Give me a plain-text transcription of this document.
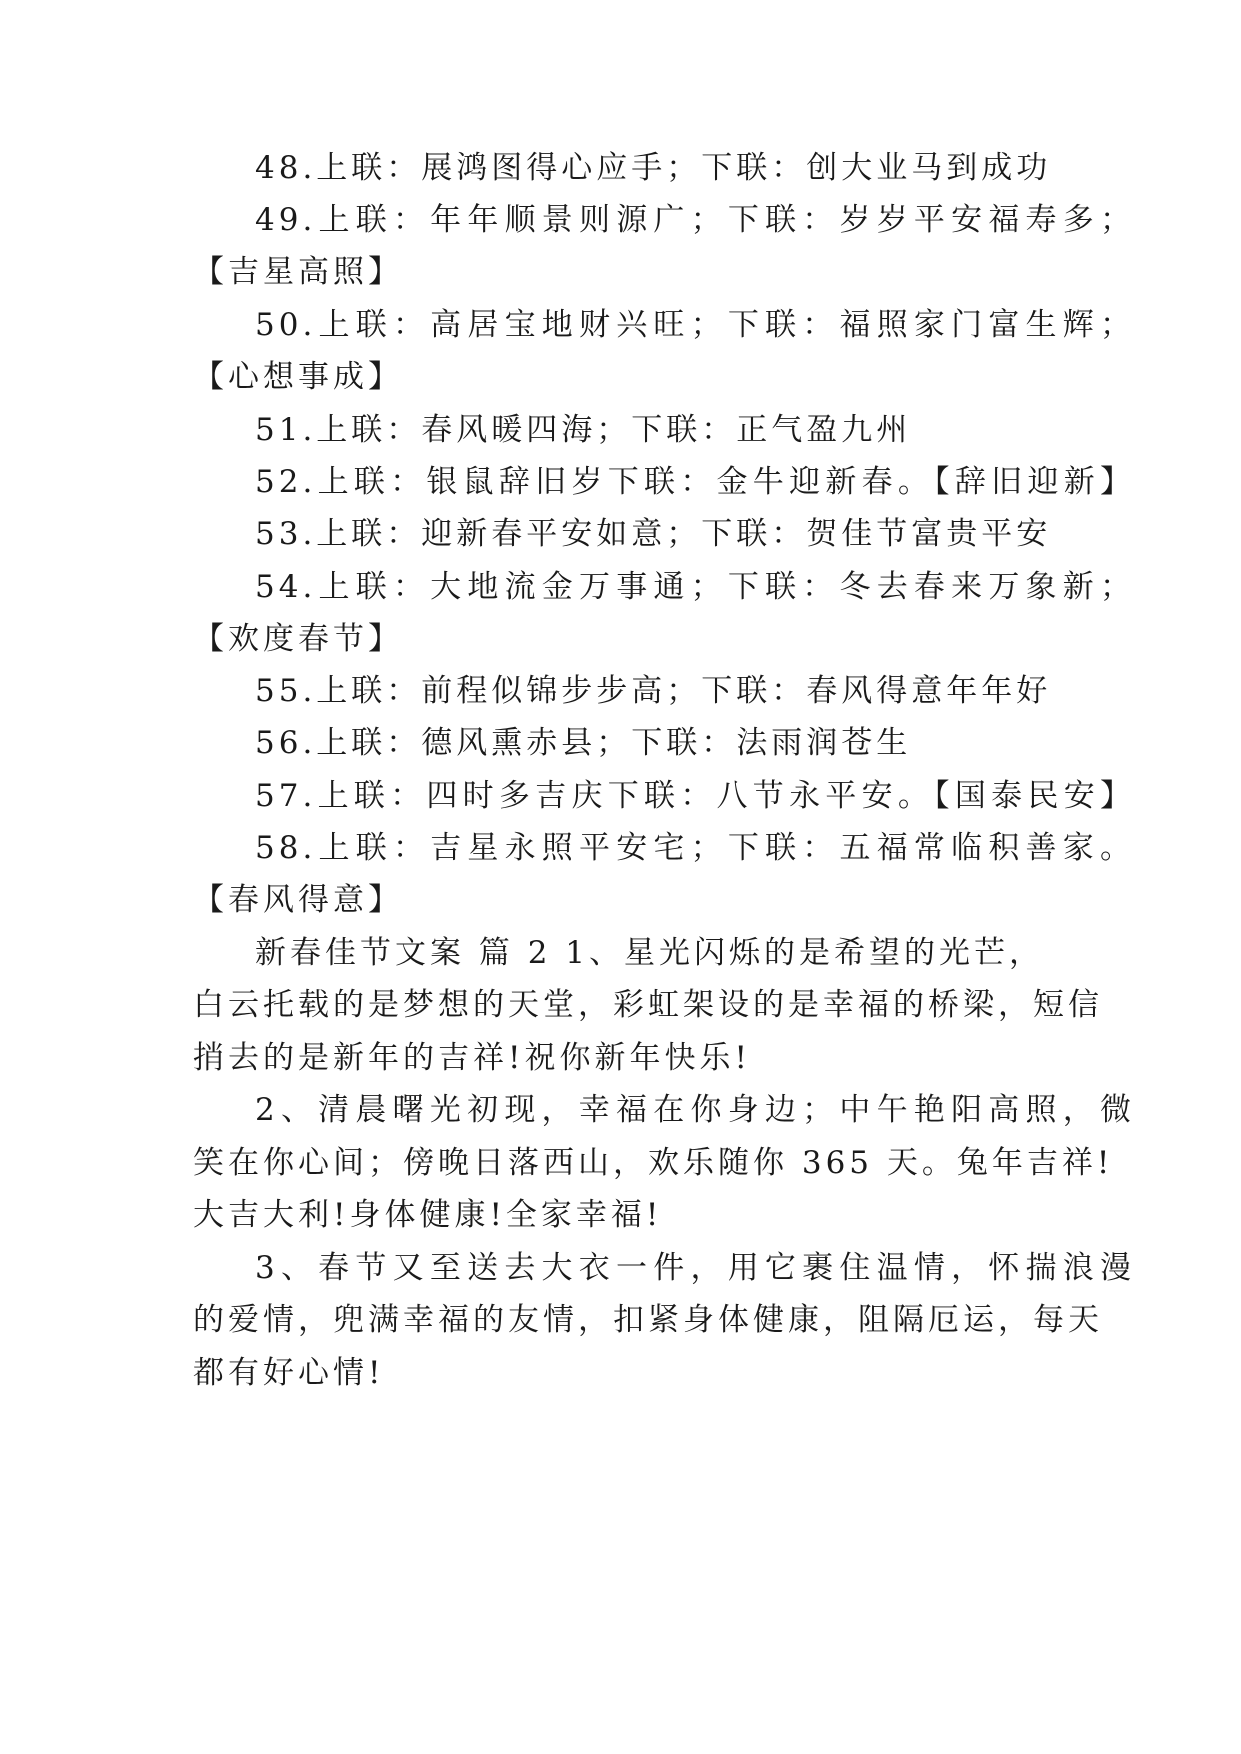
48.上联：展鸿图得心应手；下联：创大业马到成功
49.上联：年年顺景则源广；下联：岁岁平安福寿多；
【吉星高照】
50.上联：高居宝地财兴旺；下联：福照家门富生辉；
【心想事成】
51.上联：春风暖四海；下联：正气盈九州
52.上联：银鼠辞旧岁下联：金牛迎新春。【辞旧迎新】
53.上联：迎新春平安如意；下联：贺佳节富贵平安
54.上联：大地流金万事通；下联：冬去春来万象新；
【欢度春节】
55.上联：前程似锦步步高；下联：春风得意年年好
56.上联：德风熏赤县；下联：法雨润苍生
57.上联：四时多吉庆下联：八节永平安。【国泰民安】
58.上联：吉星永照平安宅；下联：五福常临积善家。
【春风得意】
新春佳节文案 篇 2 1、星光闪烁的是希望的光芒，
白云托载的是梦想的天堂，彩虹架设的是幸福的桥梁，短信
捎去的是新年的吉祥!祝你新年快乐!
2、清晨曙光初现，幸福在你身边；中午艳阳高照，微
笑在你心间；傍晚日落西山，欢乐随你 365 天。兔年吉祥!
大吉大利!身体健康!全家幸福!
3、春节又至送去大衣一件，用它裹住温情，怀揣浪漫
的爱情，兜满幸福的友情，扣紧身体健康，阻隔厄运，每天
都有好心情!
